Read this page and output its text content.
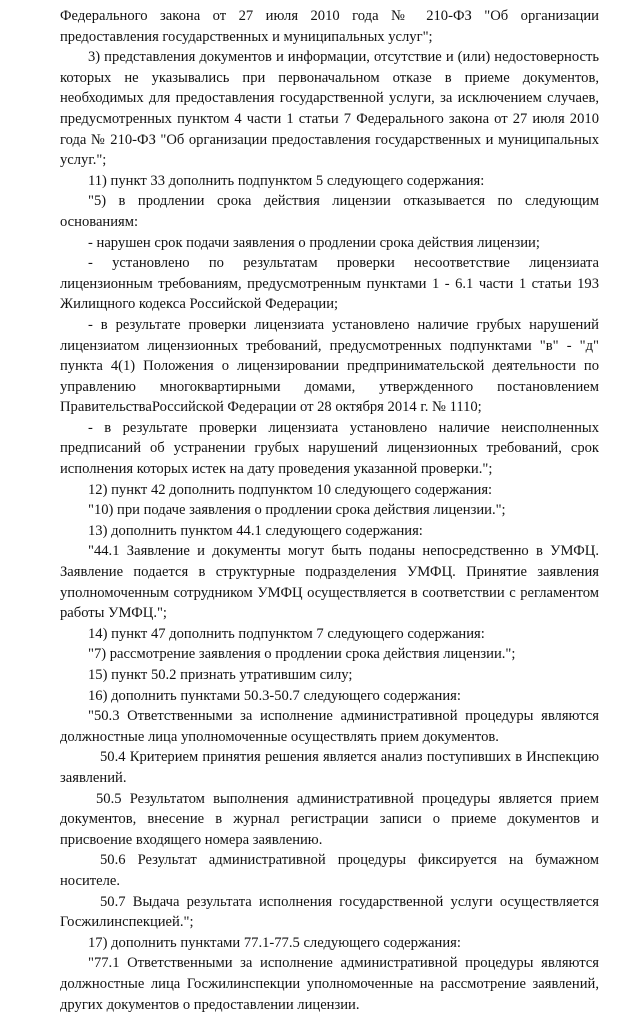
Федерального закона от 27 июля 2010 года № 210-ФЗ "Об организации предоставления государственных и муниципальных услуг";

3) представления документов и информации, отсутствие и (или) недостоверность которых не указывались при первоначальном отказе в приеме документов, необходимых для предоставления государственной услуги, за исключением случаев, предусмотренных пунктом 4 части 1 статьи 7 Федерального закона от 27 июля 2010 года № 210-ФЗ "Об организации предоставления государственных и муниципальных услуг.";

11) пункт 33 дополнить подпунктом 5 следующего содержания:

"5) в продлении срока действия лицензии отказывается по следующим основаниям:

- нарушен срок подачи заявления о продлении срока действия лицензии;

- установлено по результатам проверки несоответствие лицензиата лицензионным требованиям, предусмотренным пунктами 1 - 6.1 части 1 статьи 193 Жилищного кодекса Российской Федерации;

- в результате проверки лицензиата установлено наличие грубых нарушений лицензиатом лицензионных требований, предусмотренных подпунктами "в" - "д" пункта 4(1) Положения о лицензировании предпринимательской деятельности по управлению многоквартирными домами, утвержденного постановлением ПравительстваРоссийской Федерации от 28 октября 2014 г. № 1110;

- в результате проверки лицензиата установлено наличие неисполненных предписаний об устранении грубых нарушений лицензионных требований, срок исполнения которых истек на дату проведения указанной проверки.";

12) пункт 42 дополнить подпунктом 10 следующего содержания:

"10) при подаче заявления о продлении срока действия лицензии.";

13) дополнить пунктом 44.1 следующего содержания:

"44.1 Заявление и документы могут быть поданы непосредственно в УМФЦ. Заявление подается в структурные подразделения УМФЦ. Принятие заявления уполномоченным сотрудником УМФЦ осуществляется в соответствии с регламентом работы УМФЦ.";

14) пункт 47 дополнить подпунктом 7 следующего содержания:

"7) рассмотрение заявления о продлении срока действия лицензии.";

15) пункт 50.2 признать утратившим силу;

16) дополнить пунктами 50.3-50.7 следующего содержания:

"50.3 Ответственными за исполнение административной процедуры являются должностные лица уполномоченные осуществлять прием документов.

50.4 Критерием принятия решения является анализ поступивших в Инспекцию заявлений.

50.5 Результатом выполнения административной процедуры является прием документов, внесение в журнал регистрации записи о приеме документов и присвоение входящего номера заявлению.

50.6 Результат административной процедуры фиксируется на бумажном носителе.

50.7 Выдача результата исполнения государственной услуги осуществляется Госжилинспекцией.";

17) дополнить пунктами 77.1-77.5 следующего содержания:

"77.1 Ответственными за исполнение административной процедуры являются должностные лица Госжилинспекции уполномоченные на рассмотрение заявлений, других документов о предоставлении лицензии.
